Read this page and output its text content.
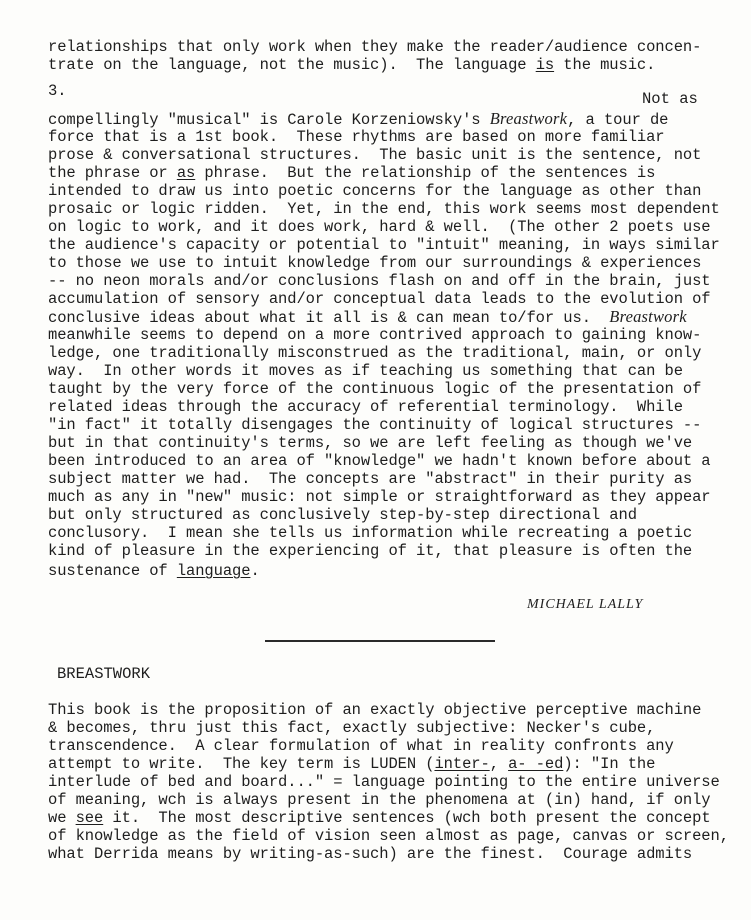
relationships that only work when they make the reader/audience concen-
trate on the language, not the music).  The language is the music.
3.	Not as
compellingly "musical" is Carole Korzeniowsky's Breastwork, a tour de
force that is a 1st book.  These rhythms are based on more familiar
prose & conversational structures.  The basic unit is the sentence, not
the phrase or as phrase.  But the relationship of the sentences is
intended to draw us into poetic concerns for the language as other than
prosaic or logic ridden.  Yet, in the end, this work seems most dependent
on logic to work, and it does work, hard & well.  (The other 2 poets use
the audience's capacity or potential to "intuit" meaning, in ways similar
to those we use to intuit knowledge from our surroundings & experiences
-- no neon morals and/or conclusions flash on and off in the brain, just
accumulation of sensory and/or conceptual data leads to the evolution of
conclusive ideas about what it all is & can mean to/for us.  Breastwork
meanwhile seems to depend on a more contrived approach to gaining know-
ledge, one traditionally misconstrued as the traditional, main, or only
way.  In other words it moves as if teaching us something that can be
taught by the very force of the continuous logic of the presentation of
related ideas through the accuracy of referential terminology.  While
"in fact" it totally disengages the continuity of logical structures --
but in that continuity's terms, so we are left feeling as though we've
been introduced to an area of "knowledge" we hadn't known before about a
subject matter we had.  The concepts are "abstract" in their purity as
much as any in "new" music: not simple or straightforward as they appear
but only structured as conclusively step-by-step directional and
conclusory.  I mean she tells us information while recreating a poetic
kind of pleasure in the experiencing of it, that pleasure is often the
sustenance of language.
MICHAEL LALLY
BREASTWORK
This book is the proposition of an exactly objective perceptive machine
& becomes, thru just this fact, exactly subjective: Necker's cube,
transcendence.  A clear formulation of what in reality confronts any
attempt to write.  The key term is LUDEN (inter-, a- -ed): "In the
interlude of bed and board..." = language pointing to the entire universe
of meaning, wch is always present in the phenomena at (in) hand, if only
we see it.  The most descriptive sentences (wch both present the concept
of knowledge as the field of vision seen almost as page, canvas or screen,
what Derrida means by writing-as-such) are the finest.  Courage admits
